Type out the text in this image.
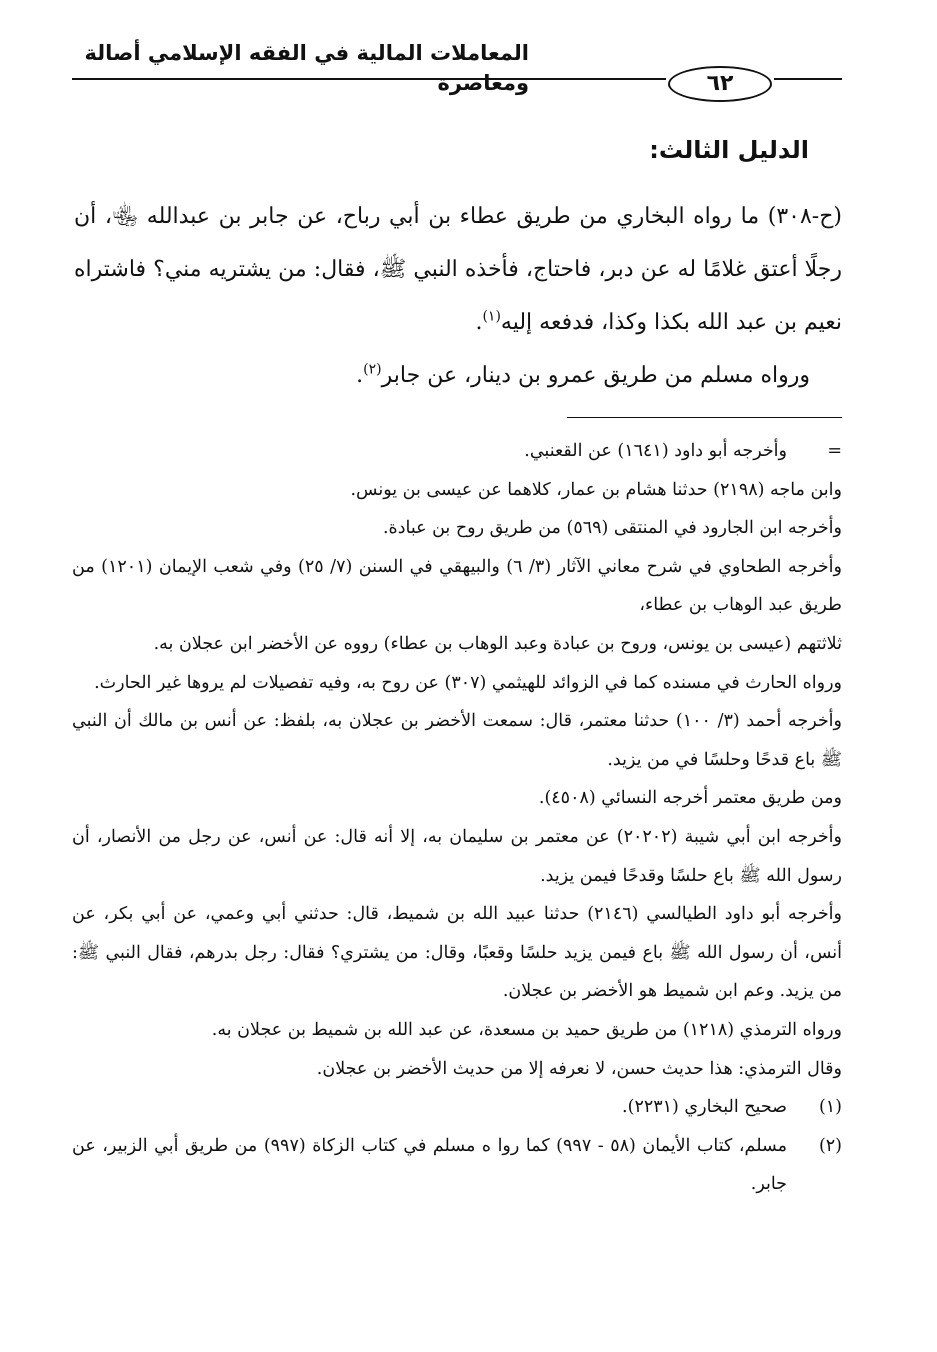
المعاملات المالية في الفقه الإسلامي أصالة ومعاصرة	٦٢
الدليل الثالث:

(ح-٣٠٨) ما رواه البخاري من طريق عطاء بن أبي رباح، عن جابر بن عبدالله ﵄، أن رجلًا أعتق غلامًا له عن دبر، فاحتاج، فأخذه النبي ﷺ، فقال: من يشتريه مني؟ فاشتراه نعيم بن عبد الله بكذا وكذا، فدفعه إليه$^{(١)}$.

ورواه مسلم من طريق عمرو بن دينار، عن جابر$^{(٢)}$.

=

وأخرجه أبو داود (١٦٤١) عن القعنبي.

وابن ماجه (٢١٩٨) حدثنا هشام بن عمار، كلاهما عن عيسى بن يونس.

وأخرجه ابن الجارود في المنتقى (٥٦٩) من طريق روح بن عبادة.

وأخرجه الطحاوي في شرح معاني الآثار (٣/ ٦) والبيهقي في السنن (٧/ ٢٥) وفي شعب الإيمان (١٢٠١) من طريق عبد الوهاب بن عطاء،

ثلاثتهم (عيسى بن يونس، وروح بن عبادة وعبد الوهاب بن عطاء) رووه عن الأخضر ابن عجلان به.

ورواه الحارث في مسنده كما في الزوائد للهيثمي (٣٠٧) عن روح به، وفيه تفصيلات لم يروها غير الحارث.

وأخرجه أحمد (٣/ ١٠٠) حدثنا معتمر، قال: سمعت الأخضر بن عجلان به، بلفظ: عن أنس بن مالك أن النبي ﷺ باع قدحًا وحلسًا في من يزيد.

ومن طريق معتمر أخرجه النسائي (٤٥٠٨).

وأخرجه ابن أبي شيبة (٢٠٢٠٢) عن معتمر بن سليمان به، إلا أنه قال: عن أنس، عن رجل من الأنصار، أن رسول الله ﷺ باع حلسًا وقدحًا فيمن يزيد.

وأخرجه أبو داود الطيالسي (٢١٤٦) حدثنا عبيد الله بن شميط، قال: حدثني أبي وعمي، عن أبي بكر، عن أنس، أن رسول الله ﷺ باع فيمن يزيد حلسًا وقعبًا، وقال: من يشتري؟ فقال: رجل بدرهم، فقال النبي ﷺ: من يزيد. وعم ابن شميط هو الأخضر بن عجلان.

ورواه الترمذي (١٢١٨) من طريق حميد بن مسعدة، عن عبد الله بن شميط بن عجلان به.

وقال الترمذي: هذا حديث حسن، لا نعرفه إلا من حديث الأخضر بن عجلان.

(١)

صحيح البخاري (٢٢٣١).

(٢)

مسلم، كتاب الأيمان (٥٨ - ٩٩٧) كما روا ه مسلم في كتاب الزكاة (٩٩٧) من طريق أبي الزبير، عن جابر.
